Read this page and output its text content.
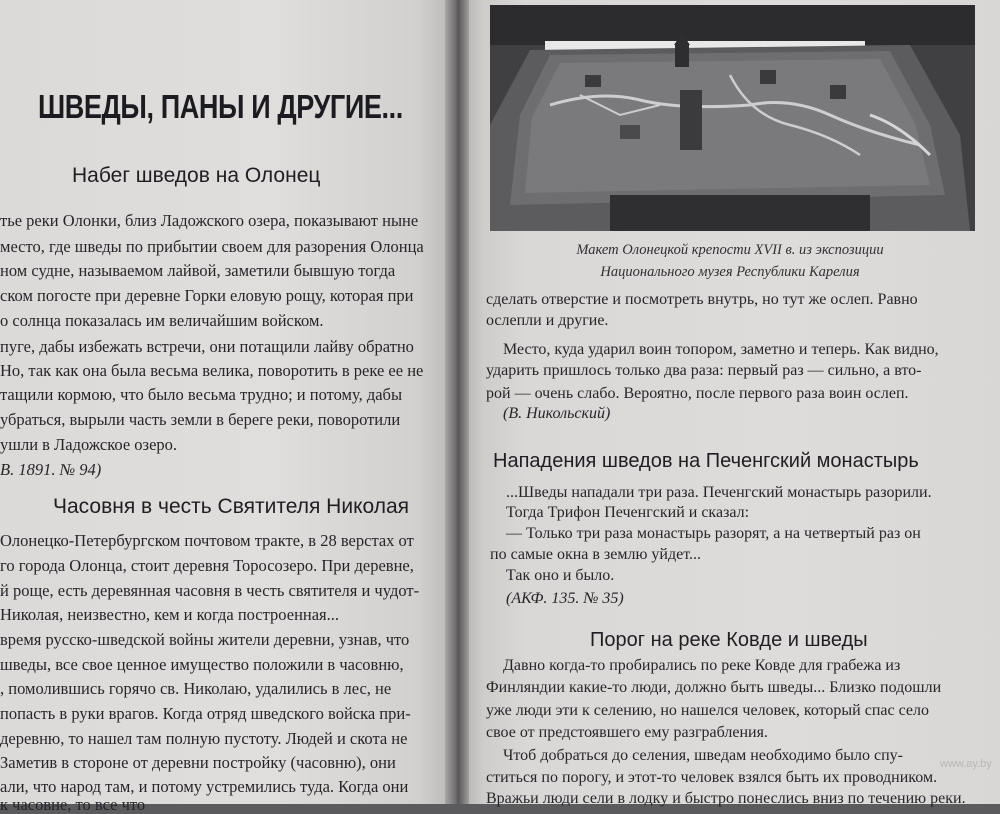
ШВЕДЫ, ПАНЫ И ДРУГИЕ...
Набег шведов на Олонец
тье реки Олонки, близ Ладожского озера, показывают ныне
место, где шведы по прибытии своем для разорения Олонца
ном судне, называемом лайвой, заметили бывшую тогда
ском погосте при деревне Горки еловую рощу, которая при
о солнца показалась им величайшим войском.
пуге, дабы избежать встречи, они потащили лайву обратно
Но, так как она была весьма велика, поворотить в реке ее не
тащили кормою, что было весьма трудно; и потому, дабы
убраться, вырыли часть земли в береге реки, поворотили
ушли в Ладожское озеро.
В. 1891. № 94)
Часовня в честь Святителя Николая
Олонецко-Петербургском почтовом тракте, в 28 верстах от
го города Олонца, стоит деревня Торосозеро. При деревне,
й роще, есть деревянная часовня в честь святителя и чудот-
Николая, неизвестно, кем и когда построенная...
время русско-шведской войны жители деревни, узнав, что
шведы, все свое ценное имущество положили в часовню,
, помолившись горячо св. Николаю, удалились в лес, не
попасть в руки врагов. Когда отряд шведского войска при-
деревню, то нашел там полную пустоту. Людей и скота не
Заметив в стороне от деревни постройку (часовню), они
али, что народ там, и потому устремились туда. Когда они
к часовне, то все что
Макет Олонецкой крепости XVII в. из экспозиции
Национального музея Республики Карелия
сделать отверстие и посмотреть внутрь, но тут же ослеп. Равно
ослепли и другие.
Место, куда ударил воин топором, заметно и теперь. Как видно,
ударить пришлось только два раза: первый раз — сильно, а вто-
рой — очень слабо. Вероятно, после первого раза воин ослеп.
(В. Никольский)
Нападения шведов на Печенгский монастырь
...Шведы нападали три раза. Печенгский монастырь разорили.
Тогда Трифон Печенгский и сказал:
— Только три раза монастырь разорят, а на четвертый раз он
по самые окна в землю уйдет...
Так оно и было.
(АКФ. 135. № 35)
Порог на реке Ковде и шведы
Давно когда-то пробирались по реке Ковде для грабежа из
Финляндии какие-то люди, должно быть шведы... Близко подошли
уже люди эти к селению, но нашелся человек, который спас село
свое от предстоявшего ему разграбления.
Чтоб добраться до селения, шведам необходимо было спу-
ститься по порогу, и этот-то человек взялся быть их проводником.
Вражьи люди сели в лодку и быстро понеслись вниз по течению реки.
www.ay.by
